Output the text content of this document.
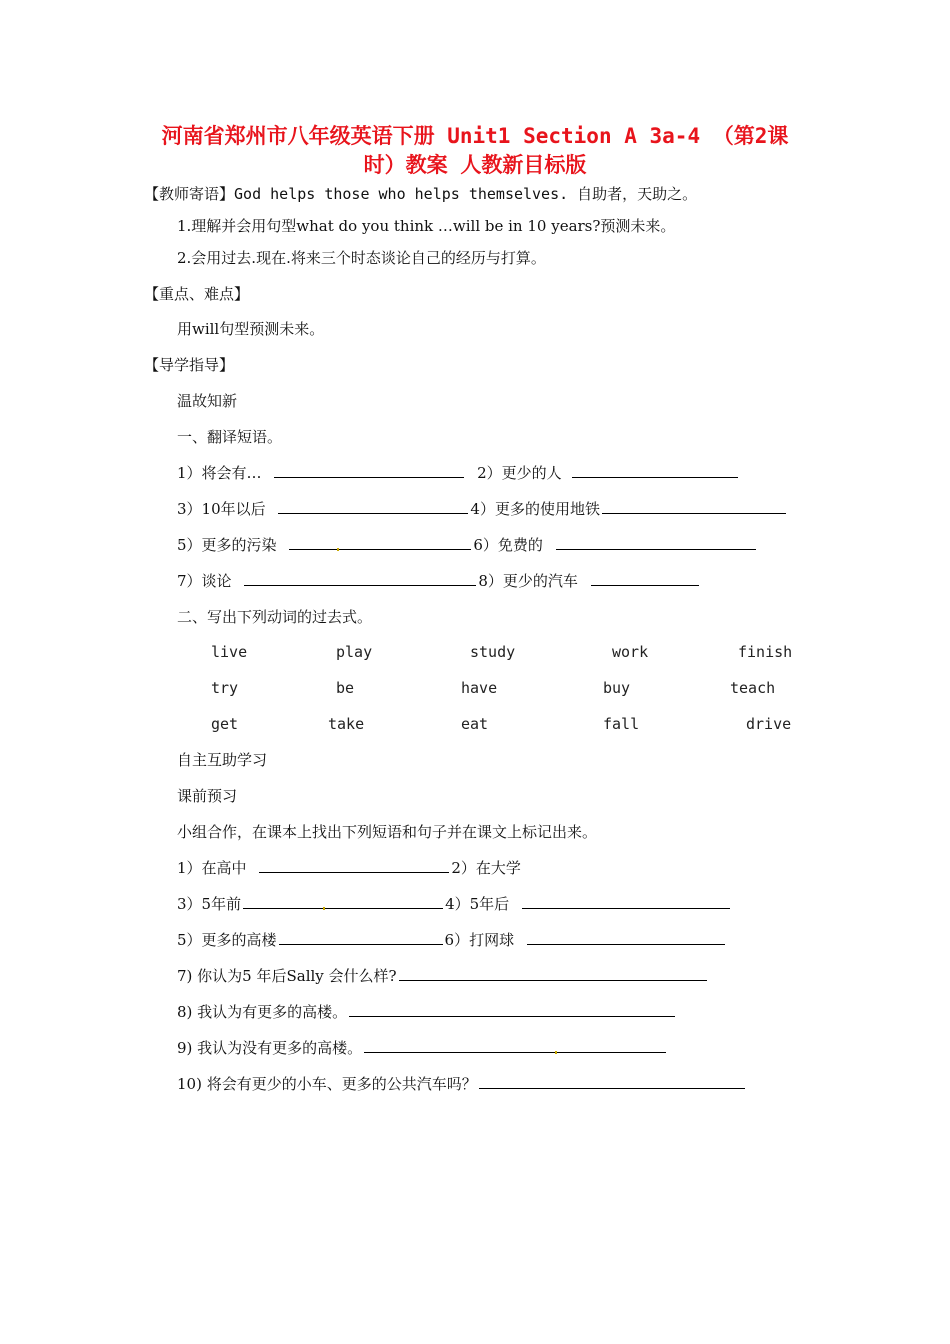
河南省郑州市八年级英语下册 Unit1 Section A 3a-4 （第2课
时）教案 人教新目标版
【教师寄语】God helps those who helps themselves. 自助者，天助之。
1.理解并会用句型what do you think …will be in 10 years?预测未来。
2.会用过去.现在.将来三个时态谈论自己的经历与打算。
【重点、难点】
用will句型预测未来。
【导学指导】
温故知新
一、翻译短语。
1）将会有…	2）更少的人
3）10年以后	4）更多的使用地铁
5）更多的污染	6）免费的
7）谈论	8）更少的汽车
二、写出下列动词的过去式。
live	play	study	work	finish
try	be	have	buy	teach
get	take	eat	fall	drive
自主互助学习
课前预习
小组合作，在课本上找出下列短语和句子并在课文上标记出来。
1）在高中	2）在大学
3）5年前	4）5年后
5）更多的高楼	6）打网球
7) 你认为5 年后Sally 会什么样?
8) 我认为有更多的高楼。
9) 我认为没有更多的高楼。
10) 将会有更少的小车、更多的公共汽车吗？
